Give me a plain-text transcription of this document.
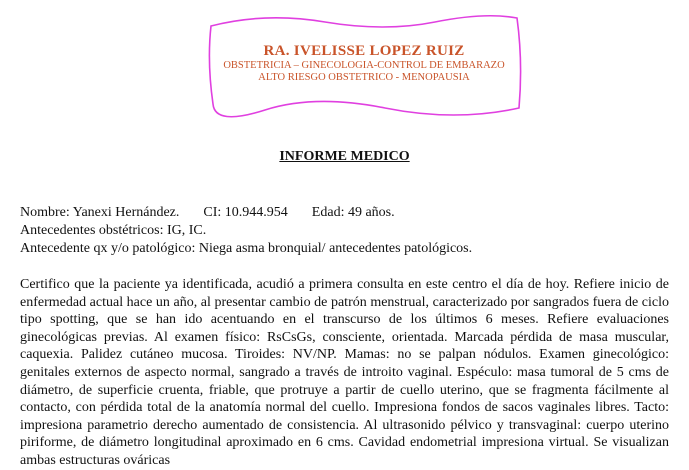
RA. IVELISSE LOPEZ RUIZ
OBSTETRICIA – GINECOLOGIA-CONTROL DE EMBARAZO
ALTO RIESGO OBSTETRICO - MENOPAUSIA
INFORME MEDICO
Nombre: Yanexi Hernández. CI: 10.944.954 Edad: 49 años.
Antecedentes obstétricos: IG, IC.
Antecedente qx y/o patológico: Niega asma bronquial/ antecedentes patológicos.
Certifico que la paciente ya identificada, acudió a primera consulta en este centro el día de hoy. Refiere inicio de enfermedad actual hace un año, al presentar cambio de patrón menstrual, caracterizado por sangrados fuera de ciclo tipo spotting, que se han ido acentuando en el transcurso de los últimos 6 meses. Refiere evaluaciones ginecológicas previas. Al examen físico: RsCsGs, consciente, orientada. Marcada pérdida de masa muscular, caquexia. Palidez cutáneo mucosa. Tiroides: NV/NP. Mamas: no se palpan nódulos. Examen ginecológico: genitales externos de aspecto normal, sangrado a través de introito vaginal. Espéculo: masa tumoral de 5 cms de diámetro, de superficie cruenta, friable, que protruye a partir de cuello uterino, que se fragmenta fácilmente al contacto, con pérdida total de la anatomía normal del cuello. Impresiona fondos de sacos vaginales libres. Tacto: impresiona parametrio derecho aumentado de consistencia. Al ultrasonido pélvico y transvaginal: cuerpo uterino piriforme, de diámetro longitudinal aproximado en 6 cms. Cavidad endometrial impresiona virtual. Se visualizan ambas estructuras ováricas
